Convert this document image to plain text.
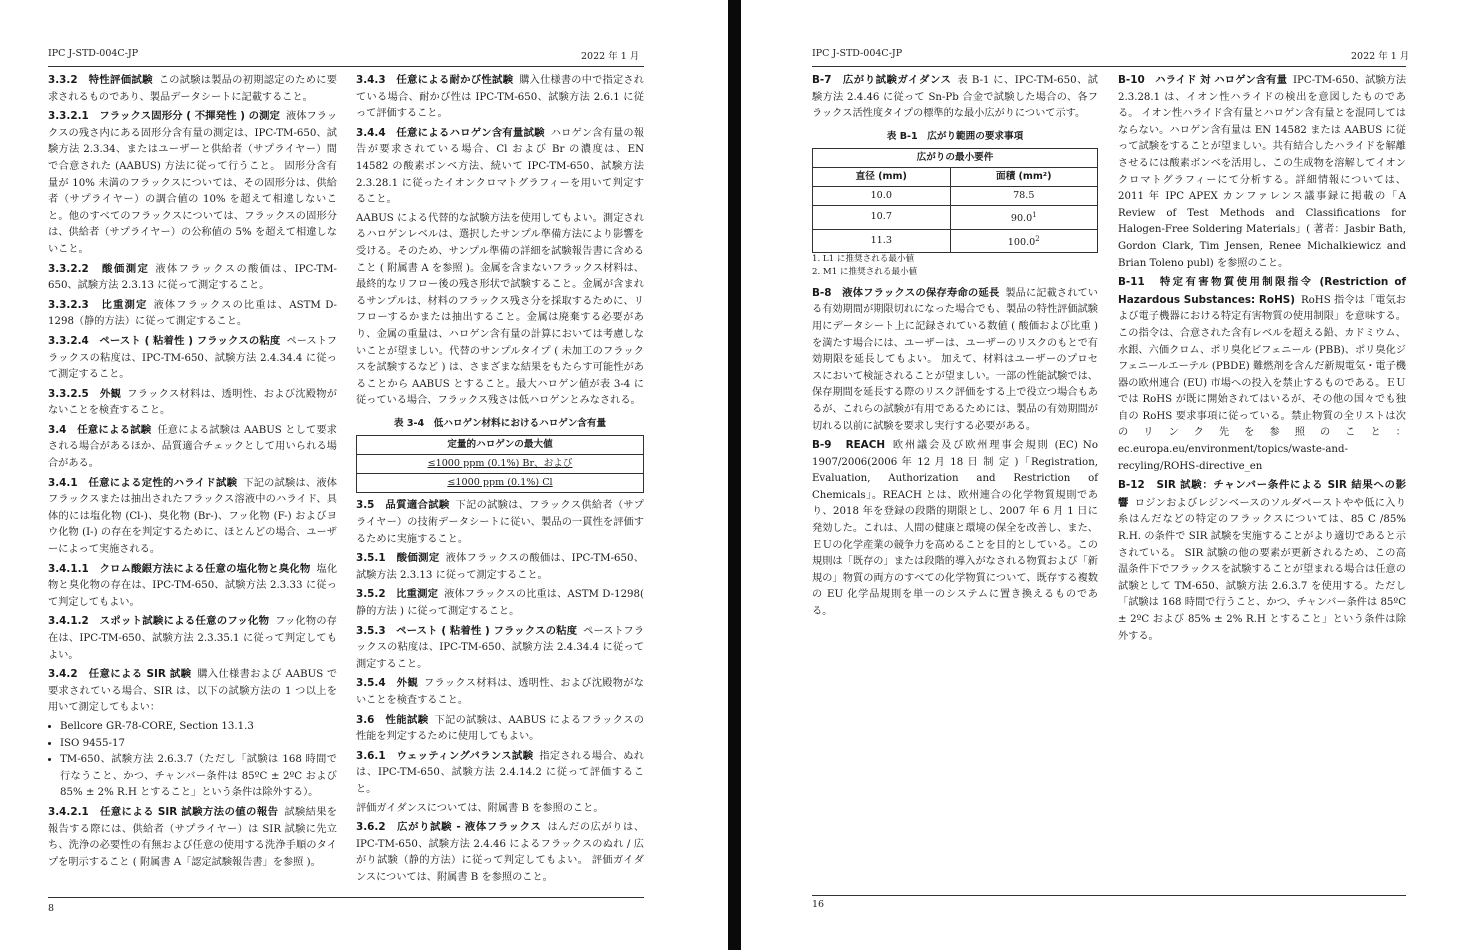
IPC J-STD-004C-JP	2022 年 1 月

3.3.2　特性評価試験 この試験は製品の初期認定のために要求されるものであり、製品データシートに記載すること。

3.3.2.1　フラックス固形分 ( 不揮発性 ) の測定 液体フラックスの残さ内にある固形分含有量の測定は、IPC-TM-650、試験方法 2.3.34、またはユーザーと供給者（サプライヤー）間で合意された (AABUS) 方法に従って行うこと。 固形分含有量が 10% 未満のフラックスについては、その固形分は、供給者（サプライヤー）の調合値の 10% を超えて相違しないこと。他のすべてのフラックスについては、フラックスの固形分は、供給者（サプライヤー）の公称値の 5% を超えて相違しないこと。

3.3.2.2　酸価測定 液体フラックスの酸価は、IPC-TM-650、試験方法 2.3.13 に従って測定すること。

3.3.2.3　比重測定 液体フラックスの比重は、ASTM D-1298（静的方法）に従って測定すること。

3.3.2.4　ペースト ( 粘着性 ) フラックスの粘度 ペーストフラックスの粘度は、IPC-TM-650、試験方法 2.4.34.4 に従って測定すること。

3.3.2.5　外観 フラックス材料は、透明性、および沈殿物がないことを検査すること。

3.4　任意による試験 任意による試験は AABUS として要求される場合があるほか、品質適合チェックとして用いられる場合がある。

3.4.1　任意による定性的ハライド試験 下記の試験は、液体フラックスまたは抽出されたフラックス溶液中のハライド、具体的には塩化物 (Cl-)、臭化物 (Br-)、フッ化物 (F-) およびヨウ化物 (I-) の存在を判定するために、ほとんどの場合、ユーザーによって実施される。

3.4.1.1　クロム酸銀方法による任意の塩化物と臭化物 塩化物と臭化物の存在は、IPC-TM-650、試験方法 2.3.33 に従って判定してもよい。

3.4.1.2　スポット試験による任意のフッ化物 フッ化物の存在は、IPC-TM-650、試験方法 2.3.35.1 に従って判定してもよい。

3.4.2　任意による SIR 試験 購入仕様書および AABUS で要求されている場合、SIR は、以下の試験方法の 1 つ以上を用いて測定してもよい：

• Bellcore GR-78-CORE, Section 13.1.3
• ISO 9455-17
• TM-650、試験方法 2.6.3.7（ただし「試験は 168 時間で行なうこと、かつ、チャンバー条件は 85ºC ± 2ºC および 85% ± 2% R.H とすること」という条件は除外する）。

3.4.2.1　任意による SIR 試験方法の値の報告 試験結果を報告する際には、供給者（サプライヤー）は SIR 試験に先立ち、洗浄の必要性の有無および任意の使用する洗浄手順のタイプを明示すること ( 附属書 A「認定試験報告書」を参照 )。

3.4.3　任意による耐かび性試験 購入仕様書の中で指定されている場合、耐かび性は IPC-TM-650、試験方法 2.6.1 に従って評価すること。

3.4.4　任意によるハロゲン含有量試験 ハロゲン含有量の報告が要求されている場合、Cl および Br の濃度は、EN 14582 の酸素ボンベ方法、続いて IPC-TM-650、試験方法 2.3.28.1 に従ったイオンクロマトグラフィーを用いて判定すること。

AABUS による代替的な試験方法を使用してもよい。測定されるハロゲンレベルは、選択したサンプル準備方法により影響を受ける。そのため、サンプル準備の詳細を試験報告書に含めること ( 附属書 A を参照 )。金属を含まないフラックス材料は、最終的なリフロー後の残さ形状で試験すること。金属が含まれるサンプルは、材料のフラックス残さ分を採取するために、リフローするかまたは抽出すること。金属は廃棄する必要があり、金属の重量は、ハロゲン含有量の計算においては考慮しないことが望ましい。代替のサンプルタイプ ( 未加工のフラックスを試験するなど ) は、さまざまな結果をもたらす可能性があることから AABUS とすること。最大ハロゲン値が表 3-4 に従っている場合、フラックス残さは低ハロゲンとみなされる。

表 3-4　低ハロゲン材料におけるハロゲン含有量
定量的ハロゲンの最大値
≤1000 ppm (0.1%) Br、および
≤1000 ppm (0.1%) Cl

3.5　品質適合試験 下記の試験は、フラックス供給者（サプライヤー）の技術データシートに従い、製品の一貫性を評価するために実施すること。

3.5.1　酸価測定 液体フラックスの酸価は、IPC-TM-650、試験方法 2.3.13 に従って測定すること。

3.5.2　比重測定 液体フラックスの比重は、ASTM D-1298( 静的方法 ) に従って測定すること。

3.5.3　ペースト ( 粘着性 ) フラックスの粘度 ペーストフラックスの粘度は、IPC-TM-650、試験方法 2.4.34.4 に従って測定すること。

3.5.4　外観 フラックス材料は、透明性、および沈殿物がないことを検査すること。

3.6　性能試験 下記の試験は、AABUS によるフラックスの性能を判定するために使用してもよい。

3.6.1　ウェッティングバランス試験 指定される場合、ぬれは、IPC-TM-650、試験方法 2.4.14.2 に従って評価すること。

評価ガイダンスについては、附属書 B を参照のこと。

3.6.2　広がり試験 - 液体フラックス はんだの広がりは、IPC-TM-650、試験方法 2.4.46 によるフラックスのぬれ / 広がり試験（静的方法）に従って判定してもよい。 評価ガイダンスについては、附属書 B を参照のこと。

8
IPC J-STD-004C-JP	2022 年 1 月

B-7　広がり試験ガイダンス 表 B-1 に、IPC-TM-650、試験方法 2.4.46 に従って Sn-Pb 合金で試験した場合の、各フラックス活性度タイプの標準的な最小広がりについて示す。

表 B-1　広がり範囲の要求事項
広がりの最小要件	
直径 (mm)	面積 (mm²)
10.0	78.5
10.7	90.0$^1$
11.3	100.0$^2$
1. L1 に推奨される最小値
2. M1 に推奨される最小値

B-8　液体フラックスの保存寿命の延長 製品に記載されている有効期間が期限切れになった場合でも、製品の特性評価試験用にデータシート上に記録されている数値 ( 酸価および比重 ) を満たす場合には、ユーザーは、ユーザーのリスクのもとで有効期限を延長してもよい。 加えて、材料はユーザーのプロセスにおいて検証されることが望ましい。一部の性能試験では、保存期間を延長する際のリスク評価をする上で役立つ場合もあるが、これらの試験が有用であるためには、製品の有効期間が切れる以前に試験を要求し実行する必要がある。

B-9　REACH 欧州議会及び欧州理事会規則 (EC) No 1907/2006(2006 年 12 月 18 日 制 定 )「Registration, Evaluation, Authorization and Restriction of Chemicals」。REACH とは、欧州連合の化学物質規則であり、2018 年を登録の段階的期限とし、2007 年 6 月 1 日に発効した。これは、人間の健康と環境の保全を改善し、また、ＥＵの化学産業の競争力を高めることを目的としている。この規則は「既存の」または段階的導入がなされる物質および「新規の」物質の両方のすべての化学物質について、既存する複数の EU 化学品規則を単一のシステムに置き換えるものである。

B-10　ハライド 対 ハロゲン含有量 IPC-TM-650、試験方法 2.3.28.1 は、イオン性ハライドの検出を意図したものである。 イオン性ハライド含有量とハロゲン含有量とを混同してはならない。ハロゲン含有量は EN 14582 または AABUS に従って試験をすることが望ましい。共有結合したハライドを解離させるには酸素ボンベを活用し、この生成物を溶解してイオンクロマトグラフィーにて分析する。詳細情報については、2011 年 IPC APEX カンファレンス議事録に掲載の「A Review of Test Methods and Classifications for Halogen-Free Soldering Materials」( 著者：Jasbir Bath, Gordon Clark, Tim Jensen, Renee Michalkiewicz and Brian Toleno publ) を参照のこと。

B-11　特定有害物質使用制限指令 (Restriction of Hazardous Substances: RoHS) RoHS 指令は「電気および電子機器における特定有害物質の使用制限」を意味する。 この指令は、合意された含有レベルを超える鉛、カドミウム、水銀、六価クロム、ポリ臭化ビフェニール (PBB)、ポリ臭化ジフェニールエーテル (PBDE) 難燃剤を含んだ新規電気・電子機器の欧州連合 (EU) 市場への投入を禁止するものである。ＥＵでは RoHS が既に開始されてはいるが、その他の国々でも独自の RoHS 要求事項に従っている。禁止物質の全リストは次のリンク先を参照のこと：ec.europa.eu/environment/topics/waste-and-recyling/ROHS-directive_en

B-12　SIR 試験：チャンバー条件による SIR 結果への影響 ロジンおよびレジンベースのソルダペーストやや低に入り糸はんだなどの特定のフラックスについては、85 C /85% R.H. の条件で SIR 試験を実施することがより適切であると示されている。 SIR 試験の他の要素が更新されるため、この高温条件下でフラックスを試験することが望まれる場合は任意の試験として TM-650、試験方法 2.6.3.7 を使用する。ただし「試験は 168 時間で行うこと、かつ、チャンバー条件は 85ºC ± 2ºC および 85% ± 2% R.H とすること」という条件は除外する。

16
